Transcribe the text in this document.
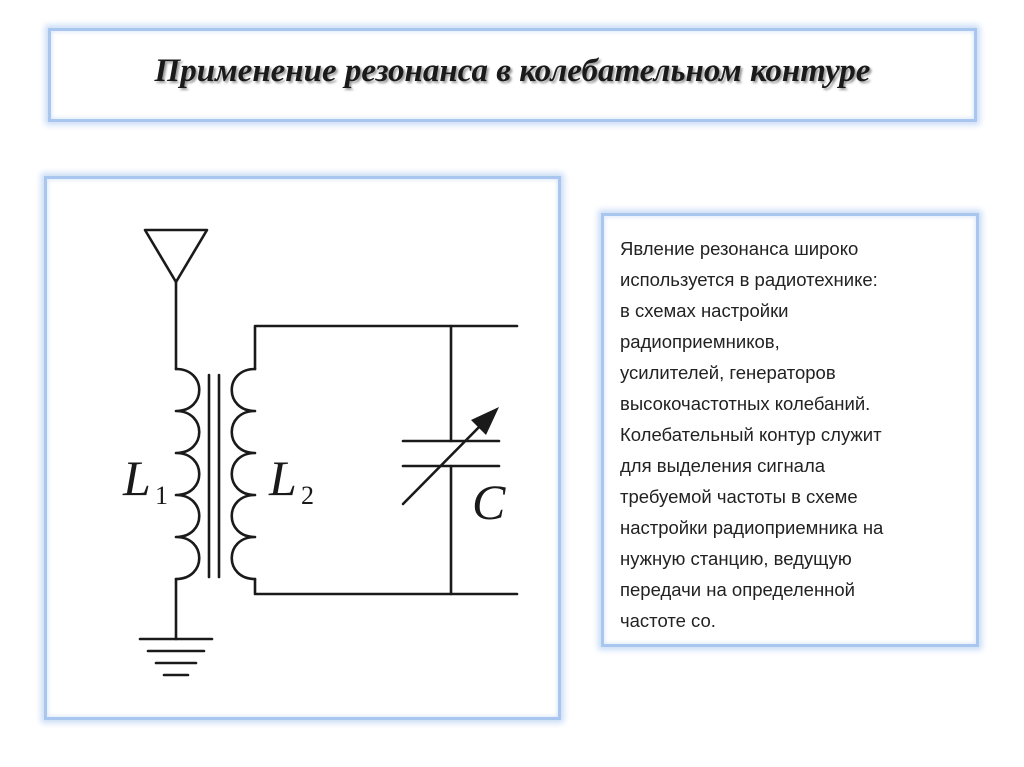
Применение резонанса в колебательном контуре
L 1 L 2	C
Явление резонанса широко
используется в радиотехнике:
в схемах настройки
радиоприемников,
усилителей, генераторов
высокочастотных колебаний.
Колебательный контур служит
для выделения сигнала
требуемой частоты в схеме
настройки радиоприемника на
нужную станцию, ведущую
передачи на определенной
частоте со.
